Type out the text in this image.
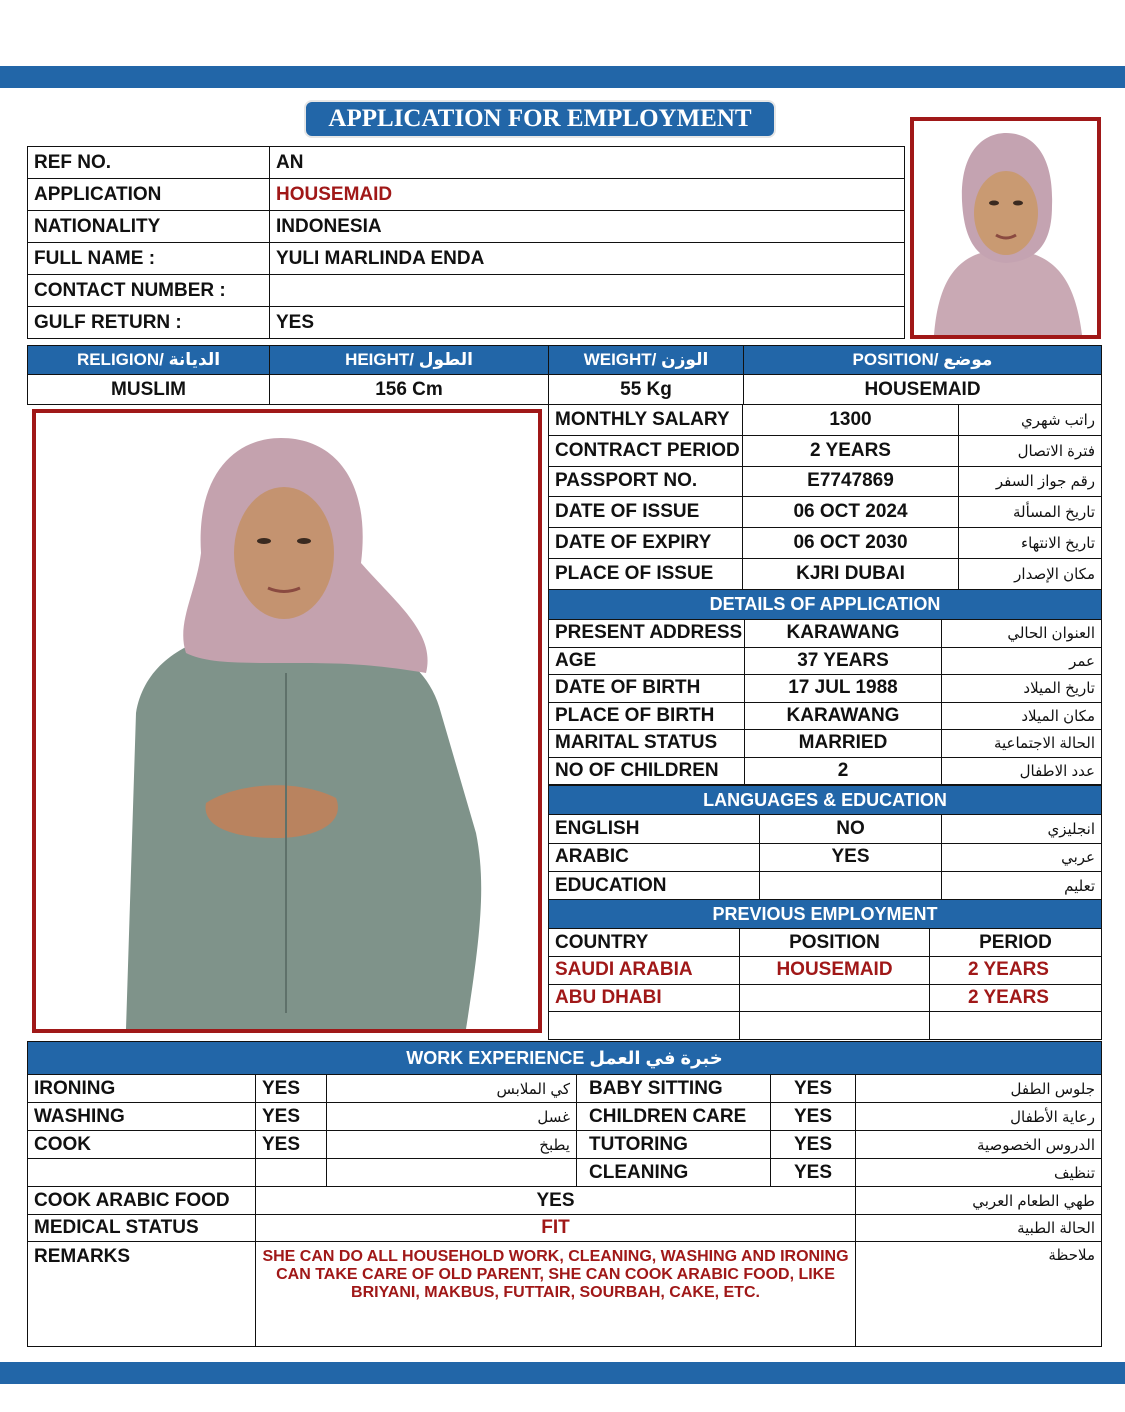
APPLICATION FOR EMPLOYMENT
REF NO.	AN
APPLICATION	HOUSEMAID
NATIONALITY	INDONESIA
FULL NAME :	YULI MARLINDA ENDA
CONTACT NUMBER :	
GULF RETURN :	YES
RELIGION/ الديانة	HEIGHT/ الطول	WEIGHT/ الوزن	POSITION/ موضع
MUSLIM	156 Cm	55 Kg	HOUSEMAID
MONTHLY SALARY	1300	راتب شهري
CONTRACT PERIOD	2 YEARS	فترة الاتصال
PASSPORT NO.	E7747869	رقم جواز السفر
DATE OF ISSUE	06 OCT 2024	تاريخ المسألة
DATE OF EXPIRY	06 OCT 2030	تاريخ الانتهاء
PLACE OF ISSUE	KJRI DUBAI	مكان الإصدار
DETAILS OF APPLICATION		
PRESENT ADDRESS	KARAWANG	العنوان الحالي
AGE	37 YEARS	عمر
DATE OF BIRTH	17 JUL 1988	تاريخ الميلاد
PLACE OF BIRTH	KARAWANG	مكان الميلاد
MARITAL STATUS	MARRIED	الحالة الاجتماعية
NO OF CHILDREN	2	عدد الاطفال
LANGUAGES & EDUCATION		
ENGLISH	NO	انجليزي
ARABIC	YES	عربي
EDUCATION		تعليم
PREVIOUS EMPLOYMENT		
COUNTRY	POSITION	PERIOD
SAUDI ARABIA	HOUSEMAID	2 YEARS
ABU DHABI		2 YEARS

WORK EXPERIENCE خبرة في العمل					
IRONING	YES	كي الملابس	BABY SITTING	YES	جلوس الطفل
WASHING	YES	غسل	CHILDREN CARE	YES	رعاية الأطفال
COOK	YES	يطبخ	TUTORING	YES	الدروس الخصوصية
			CLEANING	YES	تنظيف
COOK ARABIC FOOD	YES				طهي الطعام العربي
MEDICAL STATUS	FIT				الحالة الطبية
REMARKS	SHE CAN DO ALL HOUSEHOLD WORK, CLEANING, WASHING AND IRONING CAN TAKE CARE OF OLD PARENT, SHE CAN COOK ARABIC FOOD, LIKE BRIYANI, MAKBUS, FUTTAIR, SOURBAH, CAKE, ETC.				ملاحظة
